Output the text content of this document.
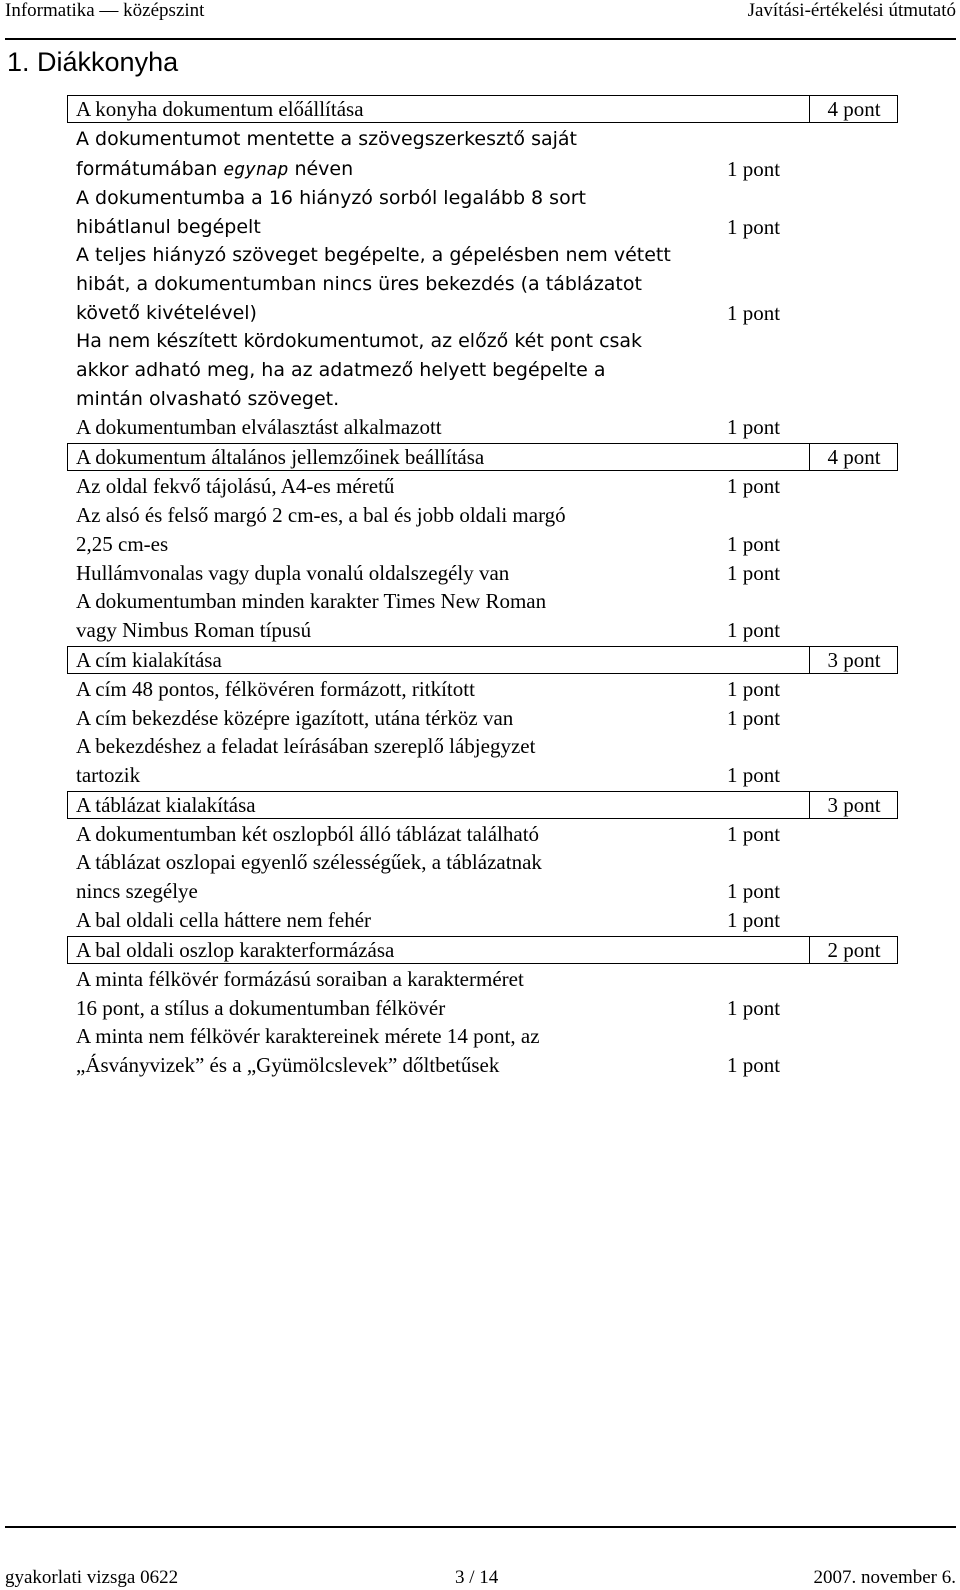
Informatika — középszint	Javítási-értékelési útmutató
1. Diákkonyha
A konyha dokumentum előállítása	4 pont
A dokumentumot mentette a szövegszerkesztő saját
formátumában egynap néven	1 pont
A dokumentumba a 16 hiányzó sorból legalább 8 sort
hibátlanul begépelt	1 pont
A teljes hiányzó szöveget begépelte, a gépelésben nem vétett
hibát, a dokumentumban nincs üres bekezdés (a táblázatot
követő kivételével)	1 pont
Ha nem készített kördokumentumot, az előző két pont csak
akkor adható meg, ha az adatmező helyett begépelte a
mintán olvasható szöveget.
A dokumentumban elválasztást alkalmazott	1 pont
A dokumentum általános jellemzőinek beállítása	4 pont
Az oldal fekvő tájolású, A4-es méretű	1 pont
Az alsó és felső margó 2 cm-es, a bal és jobb oldali margó
2,25 cm-es	1 pont
Hullámvonalas vagy dupla vonalú oldalszegély van	1 pont
A dokumentumban minden karakter Times New Roman
vagy Nimbus Roman típusú	1 pont
A cím kialakítása	3 pont
A cím 48 pontos, félkövéren formázott, ritkított	1 pont
A cím bekezdése középre igazított, utána térköz van	1 pont
A bekezdéshez a feladat leírásában szereplő lábjegyzet
tartozik	1 pont
A táblázat kialakítása	3 pont
A dokumentumban két oszlopból álló táblázat található	1 pont
A táblázat oszlopai egyenlő szélességűek, a táblázatnak
nincs szegélye	1 pont
A bal oldali cella háttere nem fehér	1 pont
A bal oldali oszlop karakterformázása	2 pont
A minta félkövér formázású soraiban a karakterméret
16 pont, a stílus a dokumentumban félkövér	1 pont
A minta nem félkövér karaktereinek mérete 14 pont, az
„Ásványvizek” és a „Gyümölcslevek” dőltbetűsek	1 pont
gyakorlati vizsga 0622	3 / 14	2007. november 6.
